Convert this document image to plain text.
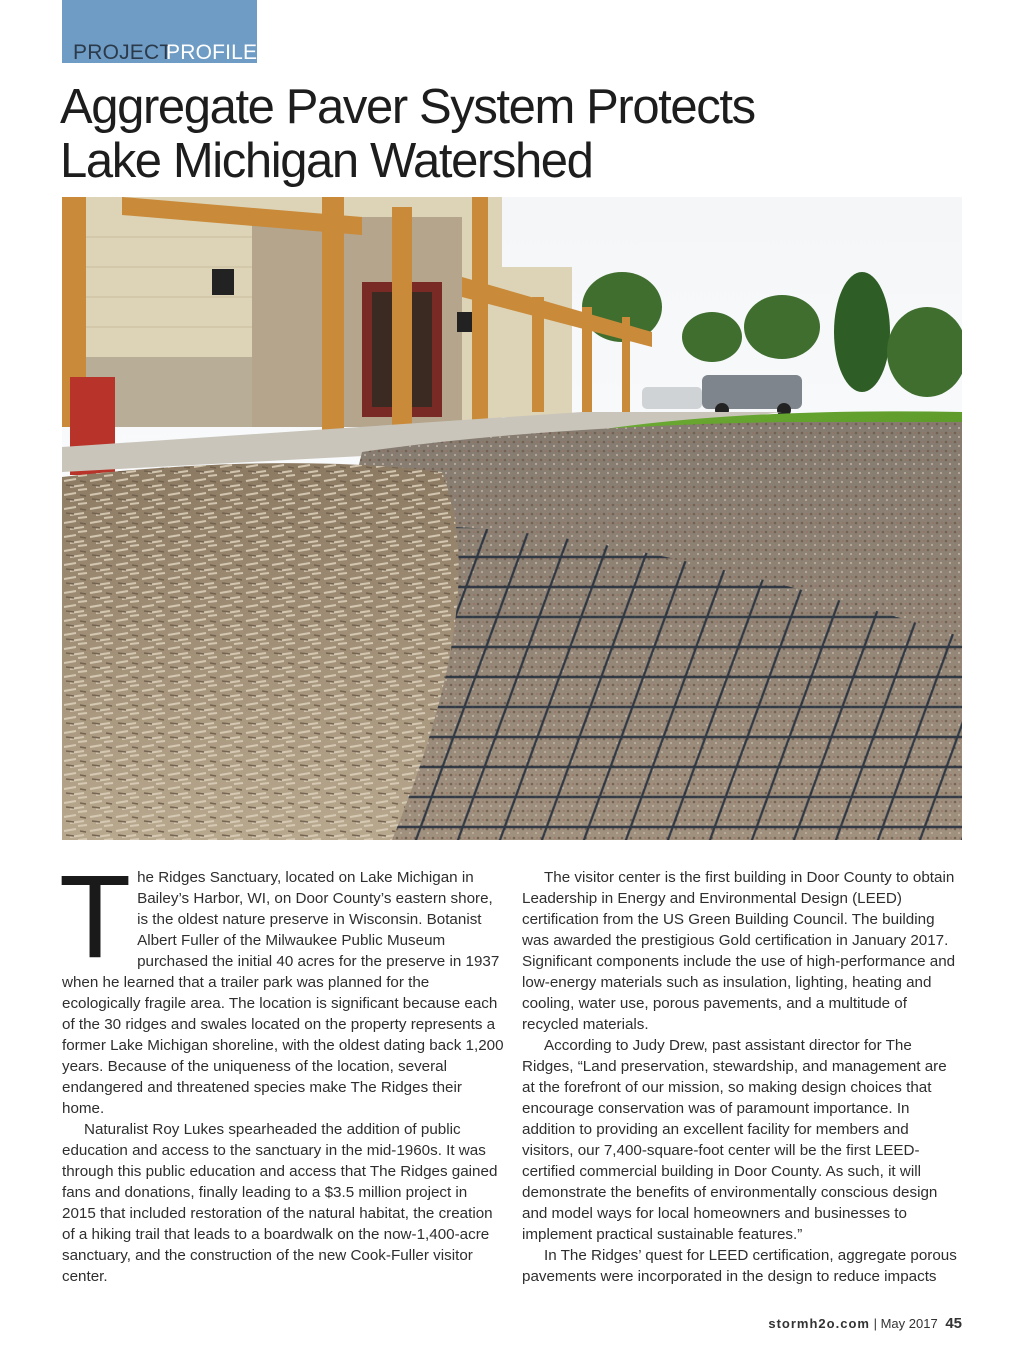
PROJECT
PROFILE
Aggregate Paver System Protects
Lake Michigan Watershed

The Ridges Sanctuary, located on Lake Michigan in Bailey’s Harbor, WI, on Door County’s eastern shore, is the oldest nature preserve in Wisconsin. Botanist Albert Fuller of the Milwaukee Public Museum purchased the initial 40 acres for the preserve in 1937 when he learned that a trailer park was planned for the ecologically fragile area. The location is significant because each of the 30 ridges and swales located on the property represents a former Lake Michigan shoreline, with the oldest dating back 1,200 years. Because of the uniqueness of the location, several endangered and threatened species make The Ridges their home.

Naturalist Roy Lukes spearheaded the addition of public education and access to the sanctuary in the mid-1960s. It was through this public education and access that The Ridges gained fans and donations, finally leading to a $3.5 million project in 2015 that included restoration of the natural habitat, the creation of a hiking trail that leads to a boardwalk on the now-1,400-acre sanctuary, and the construction of the new Cook-Fuller visitor center.

The visitor center is the first building in Door County to obtain Leadership in Energy and Environmental Design (LEED) certification from the US Green Building Council. The building was awarded the prestigious Gold certification in January 2017. Significant components include the use of high-performance and low-energy materials such as insulation, lighting, heating and cooling, water use, porous pavements, and a multitude of recycled materials.

According to Judy Drew, past assistant director for The Ridges, “Land preservation, stewardship, and management are at the forefront of our mission, so making design choices that encourage conservation was of paramount importance. In addition to providing an excellent facility for members and visitors, our 7,400-square-foot center will be the first LEED-certified commercial building in Door County. As such, it will demonstrate the benefits of environmentally conscious design and model ways for local homeowners and businesses to implement practical sustainable features.”

In The Ridges’ quest for LEED certification, aggregate porous pavements were incorporated in the design to reduce impacts

stormh2o.com | May 2017 45
